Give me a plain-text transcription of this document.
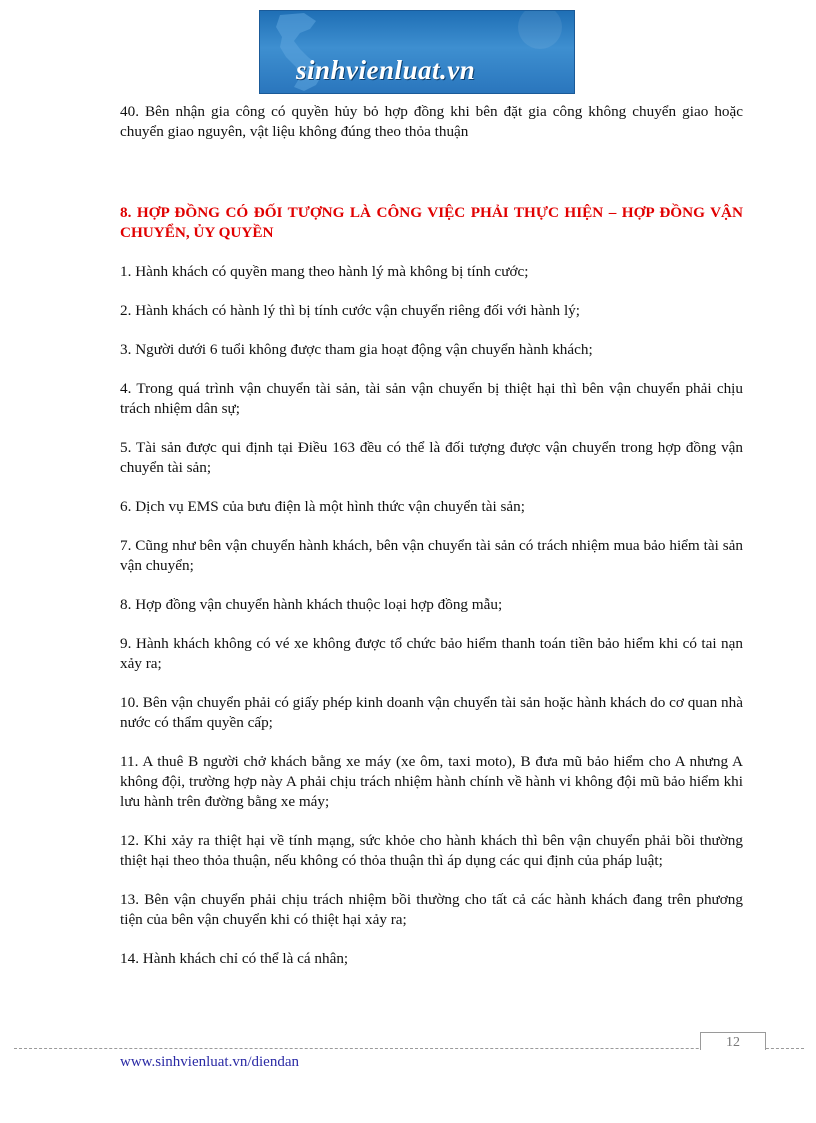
sinhvienluat.vn

40. Bên nhận gia công có quyền hủy bỏ hợp đồng khi bên đặt gia công không chuyển giao hoặc chuyển giao nguyên, vật liệu không đúng theo thỏa thuận

8. HỢP ĐỒNG CÓ ĐỐI TƯỢNG LÀ CÔNG VIỆC PHẢI THỰC HIỆN – HỢP ĐỒNG VẬN CHUYỂN, ỦY QUYỀN

1. Hành khách có quyền mang theo hành lý mà không bị tính cước;

2. Hành khách có hành lý thì bị tính cước vận chuyển riêng đối với hành lý;

3. Người dưới 6 tuổi không được tham gia hoạt động vận chuyển hành khách;

4. Trong quá trình vận chuyển tài sản, tài sản vận chuyển bị thiệt hại thì bên vận chuyển phải chịu trách nhiệm dân sự;

5. Tài sản được qui định tại Điều 163 đều có thể là đối tượng được vận chuyển trong hợp đồng vận chuyển tài sản;

6. Dịch vụ EMS của bưu điện là một hình thức vận chuyển tài sản;

7. Cũng như bên vận chuyển hành khách, bên vận chuyển tài sản có trách nhiệm mua bảo hiểm tài sản vận chuyển;

8. Hợp đồng vận chuyển hành khách thuộc loại hợp đồng mẫu;

9. Hành khách không có vé xe không được tổ chức bảo hiểm thanh toán tiền bảo hiểm khi có tai nạn xảy ra;

10. Bên vận chuyển phải có giấy phép kinh doanh vận chuyển tài sản hoặc hành khách do cơ quan nhà nước có thẩm quyền cấp;

11. A thuê B người chở khách bằng xe máy (xe ôm, taxi moto), B đưa mũ bảo hiểm cho A nhưng A không đội, trường hợp này A phải chịu trách nhiệm hành chính về hành vi không đội mũ bảo hiểm khi lưu hành trên đường bằng xe máy;

12. Khi xảy ra thiệt hại về tính mạng, sức khỏe cho hành khách thì bên vận chuyển phải bồi thường thiệt hại theo thỏa thuận, nếu không có thỏa thuận thì áp dụng các qui định của pháp luật;

13. Bên vận chuyển phải chịu trách nhiệm bồi thường cho tất cả các hành khách đang trên phương tiện của bên vận chuyển khi có thiệt hại xảy ra;

14. Hành khách chỉ có thể là cá nhân;

12
www.sinhvienluat.vn/diendan
